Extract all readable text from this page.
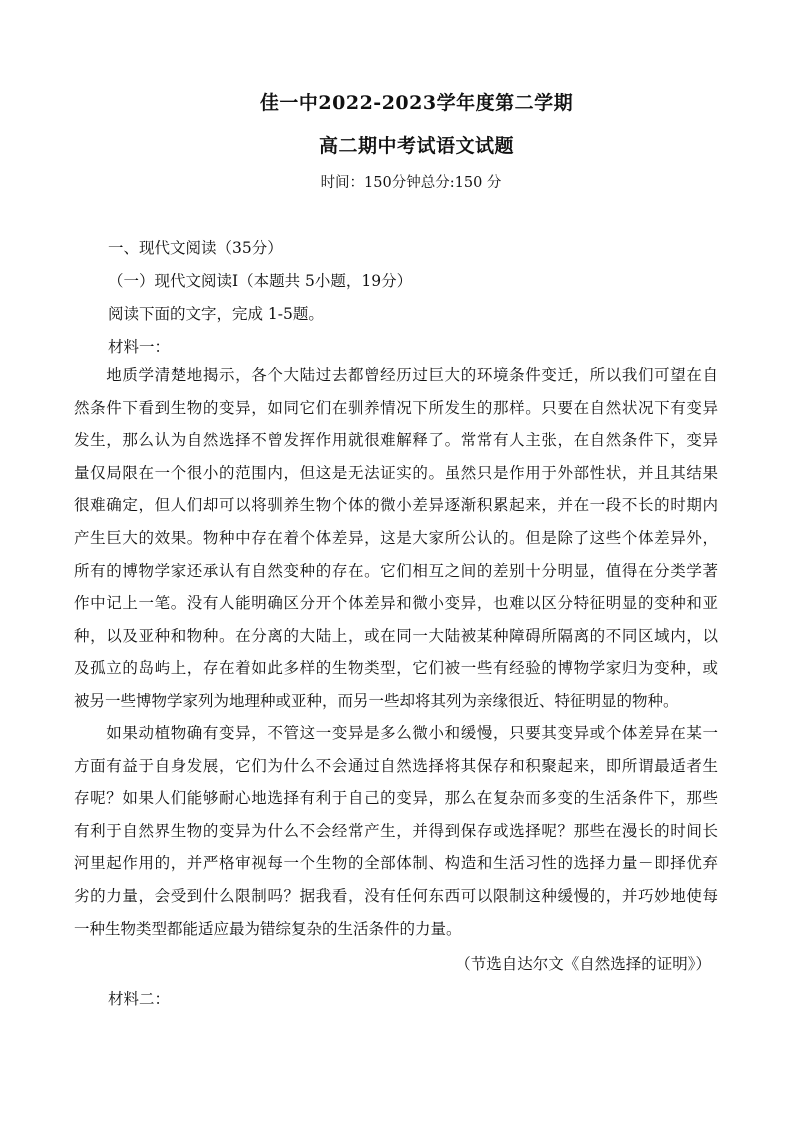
佳一中2022-2023学年度第二学期
高二期中考试语文试题
时间：150分钟总分:150 分
一、现代文阅读（35分）
（一）现代文阅读Ⅰ（本题共 5小题，19分）
阅读下面的文字，完成 1-5题。
材料一：
　　地质学清楚地揭示，各个大陆过去都曾经历过巨大的环境条件变迁，所以我们可望在自
然条件下看到生物的变异，如同它们在驯养情况下所发生的那样。只要在自然状况下有变异
发生，那么认为自然选择不曾发挥作用就很难解释了。常常有人主张，在自然条件下，变异
量仅局限在一个很小的范围内，但这是无法证实的。虽然只是作用于外部性状，并且其结果
很难确定，但人们却可以将驯养生物个体的微小差异逐渐积累起来，并在一段不长的时期内
产生巨大的效果。物种中存在着个体差异，这是大家所公认的。但是除了这些个体差异外，
所有的博物学家还承认有自然变种的存在。它们相互之间的差别十分明显，值得在分类学著
作中记上一笔。没有人能明确区分开个体差异和微小变异，也难以区分特征明显的变种和亚
种，以及亚种和物种。在分离的大陆上，或在同一大陆被某种障碍所隔离的不同区域内，以
及孤立的岛屿上，存在着如此多样的生物类型，它们被一些有经验的博物学家归为变种，或
被另一些博物学家列为地理种或亚种，而另一些却将其列为亲缘很近、特征明显的物种。
　　如果动植物确有变异，不管这一变异是多么微小和缓慢，只要其变异或个体差异在某一
方面有益于自身发展，它们为什么不会通过自然选择将其保存和积聚起来，即所谓最适者生
存呢？如果人们能够耐心地选择有利于自己的变异，那么在复杂而多变的生活条件下，那些
有利于自然界生物的变异为什么不会经常产生，并得到保存或选择呢？那些在漫长的时间长
河里起作用的，并严格审视每一个生物的全部体制、构造和生活习性的选择力量－即择优弃
劣的力量，会受到什么限制吗？据我看，没有任何东西可以限制这种缓慢的，并巧妙地使每
一种生物类型都能适应最为错综复杂的生活条件的力量。
（节选自达尔文《自然选择的证明》）
材料二：
